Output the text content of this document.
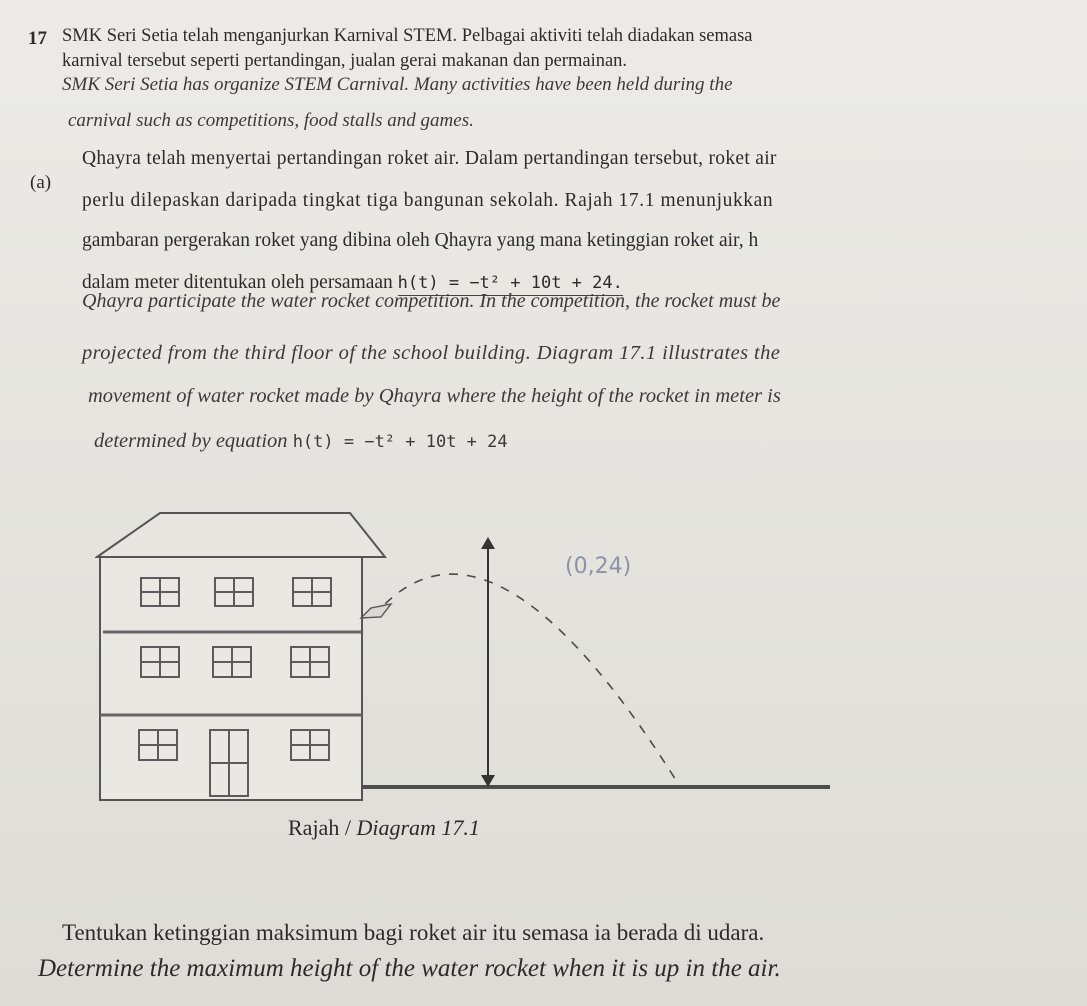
17 SMK Seri Setia telah menganjurkan Karnival STEM. Pelbagai aktiviti telah diadakan semasa
karnival tersebut seperti pertandingan, jualan gerai makanan dan permainan.
SMK Seri Setia has organize STEM Carnival. Many activities have been held during the
carnival such as competitions, food stalls and games.
(a)
Qhayra telah menyertai pertandingan roket air. Dalam pertandingan tersebut, roket air
perlu dilepaskan daripada tingkat tiga bangunan sekolah. Rajah 17.1 menunjukkan
gambaran pergerakan roket yang dibina oleh Qhayra yang mana ketinggian roket air, h
dalam meter ditentukan oleh persamaan h(t) = −t² + 10t + 24.
Qhayra participate the water rocket competition. In the competition, the rocket must be
projected from the third floor of the school building. Diagram 17.1 illustrates the
movement of water rocket made by Qhayra where the height of the rocket in meter is
determined by equation h(t) = −t² + 10t + 24
(0,24)
Rajah / Diagram 17.1
Tentukan ketinggian maksimum bagi roket air itu semasa ia berada di udara.
Determine the maximum height of the water rocket when it is up in the air.
